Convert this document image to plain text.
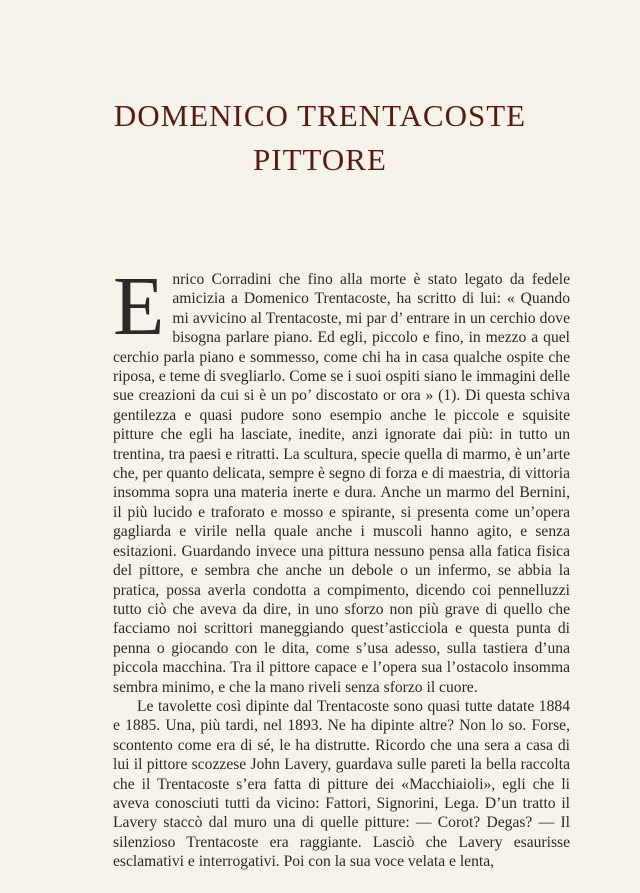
DOMENICO TRENTACOSTE
PITTORE

Enrico Corradini che fino alla morte è stato legato da fedele amicizia a Domenico Trentacoste, ha scritto di lui: « Quando mi avvicino al Trentacoste, mi par d’ entrare in un cerchio dove bisogna parlare piano. Ed egli, piccolo e fino, in mezzo a quel cerchio parla piano e sommesso, come chi ha in casa qualche ospite che riposa, e teme di svegliarlo. Come se i suoi ospiti siano le immagini delle sue creazioni da cui si è un po’ discostato or ora » (1). Di questa schiva gentilezza e quasi pudore sono esempio anche le piccole e squisite pitture che egli ha lasciate, inedite, anzi ignorate dai più: in tutto un trentina, tra paesi e ritratti. La scultura, specie quella di marmo, è un’arte che, per quanto delicata, sempre è segno di forza e di maestria, di vittoria insomma sopra una materia inerte e dura. Anche un marmo del Bernini, il più lucido e traforato e mosso e spirante, si presenta come un’opera gagliarda e virile nella quale anche i muscoli hanno agito, e senza esitazioni. Guardando invece una pittura nessuno pensa alla fatica fisica del pittore, e sembra che anche un debole o un infermo, se abbia la pratica, possa averla condotta a compimento, dicendo coi pennelluzzi tutto ciò che aveva da dire, in uno sforzo non più grave di quello che facciamo noi scrittori maneggiando quest’asticciola e questa punta di penna o giocando con le dita, come s’usa adesso, sulla tastiera d’una piccola macchina. Tra il pittore capace e l’opera sua l’ostacolo insomma sembra minimo, e che la mano riveli senza sforzo il cuore.

Le tavolette così dipinte dal Trentacoste sono quasi tutte datate 1884 e 1885. Una, più tardi, nel 1893. Ne ha dipinte altre? Non lo so. Forse, scontento come era di sé, le ha distrutte. Ricordo che una sera a casa di lui il pittore scozzese John Lavery, guardava sulle pareti la bella raccolta che il Trentacoste s’era fatta di pitture dei «Macchiaioli», egli che li aveva conosciuti tutti da vicino: Fattori, Signorini, Lega. D’un tratto il Lavery staccò dal muro una di quelle pitture: — Corot? Degas? — Il silenzioso Trentacoste era raggiante. Lasciò che Lavery esaurisse esclamativi e interrogativi. Poi con la sua voce velata e lenta,
